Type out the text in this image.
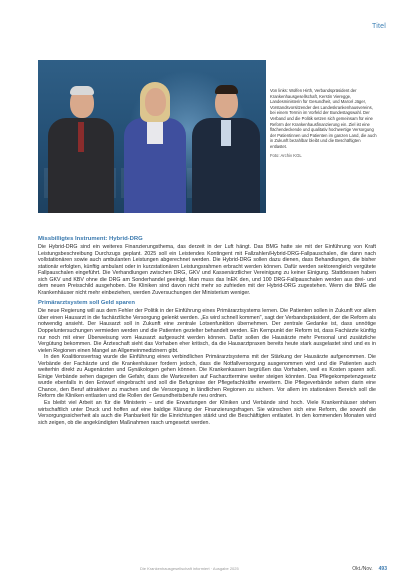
Titel

Von links: Wolfen Hirth, Verbandspräsident der Krankenhausgesellschaft, Kerstin Vieregge, Landesministerin für Gesundheit, und Marcel Jäger, Vorstandsvorsitzender des Landeskrankenhausvereins, bei einem Termin im Vorfeld der Bundestagswahl. Der Verband und die Politik setzen sich gemeinsam für eine Reform der Krankenhausfinanzierung ein. Ziel ist eine flächendeckende und qualitativ hochwertige Versorgung der Patientinnen und Patienten im ganzen Land, die auch in Zukunft bezahlbar bleibt und die Beschäftigten entlastet.

Foto: Archiv KGL

Missbilligtes Instrument: Hybrid-DRG

Die Hybrid-DRG sind ein weiteres Finanzierungsthema, das derzeit in der Luft hängt. Das BMG hatte sie mit der Einführung von Kraft Leistungsbeschreibung Durchzugs geplant. 2025 soll ein Leistendes Kontingent mit Fallzahlen/Hybrid-DRG-Fallpauschalen, die dann nach vollstationären sowie auch ambulanten Leistungen abgerechnet werden. Die Hybrid-DRG sollen dazu dienen, dass Behandlungen, die bisher stationär erfolgten, künftig ambulant oder in kurzstationären Leistungsrahmen erbracht werden können. Dafür werden sektorengleich vergütete Fallpauschalen eingeführt. Die Verhandlungen zwischen DRG, GKV und Kassenärztlicher Vereinigung zu keiner Einigung. Stattdessen haben sich GKV und KBV ohne die DRG am Sonderhandel geeinigt. Man muss das InEK den, und 100 DRG-Fallpauschalen werden aus drei- und dem neuen Preisschild ausgehoben. Die Kliniken sind davon nicht mehr so zufrieden mit der Hybrid-DRG zugestehen. Wenn die BMG die Krankenhäuser nicht mehr einbeziehen, werden Zuversuchungen der Ministerium weniger.

Primärarztsystem soll Geld sparen

Die neue Regierung will aus dem Fehler der Politik in der Einführung eines Primärarztsystems lernen. Die Patienten sollen in Zukunft vor allem über einen Hausarzt in die fachärztliche Versorgung gelenkt werden. „Es wird schnell kommen", sagt der Verbandspräsident, der die Reform als notwendig ansieht. Der Hausarzt soll in Zukunft eine zentrale Lotsenfunktion übernehmen. Der zentrale Gedanke ist, dass unnötige Doppeluntersuchungen vermieden werden und die Patienten gezielter behandelt werden. Ein Kernpunkt der Reform ist, dass Fachärzte künftig nur noch mit einer Überweisung vom Hausarzt aufgesucht werden können. Dafür sollen die Hausärzte mehr Personal und zusätzliche Vergütung bekommen. Die Ärzteschaft sieht das Vorhaben eher kritisch, da die Hausarztpraxen bereits heute stark ausgelastet sind und es in vielen Regionen einen Mangel an Allgemeinmedizinern gibt.

In den Koalitionsvertrag wurde die Einführung eines verbindlichen Primärarztsystems mit der Stärkung der Hausärzte aufgenommen. Die Verbände der Fachärzte und die Krankenhäuser fordern jedoch, dass die Notfallversorgung ausgenommen wird und die Patienten auch weiterhin direkt zu Augenärzten und Gynäkologen gehen können. Die Krankenkassen begrüßen das Vorhaben, weil es Kosten sparen soll. Einige Verbände sehen dagegen die Gefahr, dass die Wartezeiten auf Facharzttermine weiter steigen könnten. Das Pflegekompetenzgesetz wurde ebenfalls in den Entwurf eingebracht und soll die Befugnisse der Pflegefachkräfte erweitern. Die Pflegeverbände sehen darin eine Chance, den Beruf attraktiver zu machen und die Versorgung in ländlichen Regionen zu sichern. Vor allem im stationären Bereich soll die Reform die Kliniken entlasten und die Rollen der Gesundheitsberufe neu ordnen.

Es bleibt viel Arbeit an für die Ministerin – und die Erwartungen der Kliniken und Verbände sind hoch. Viele Krankenhäuser stehen wirtschaftlich unter Druck und hoffen auf eine baldige Klärung der Finanzierungsfragen. Sie wünschen sich eine Reform, die sowohl die Versorgungssicherheit als auch die Planbarkeit für die Einrichtungen stärkt und die Beschäftigten entlastet. In den kommenden Monaten wird sich zeigen, ob die angekündigten Maßnahmen rasch umgesetzt werden.

Die Krankenhausgesellschaft informiert · Ausgabe 2025	Okt./Nov. 493
